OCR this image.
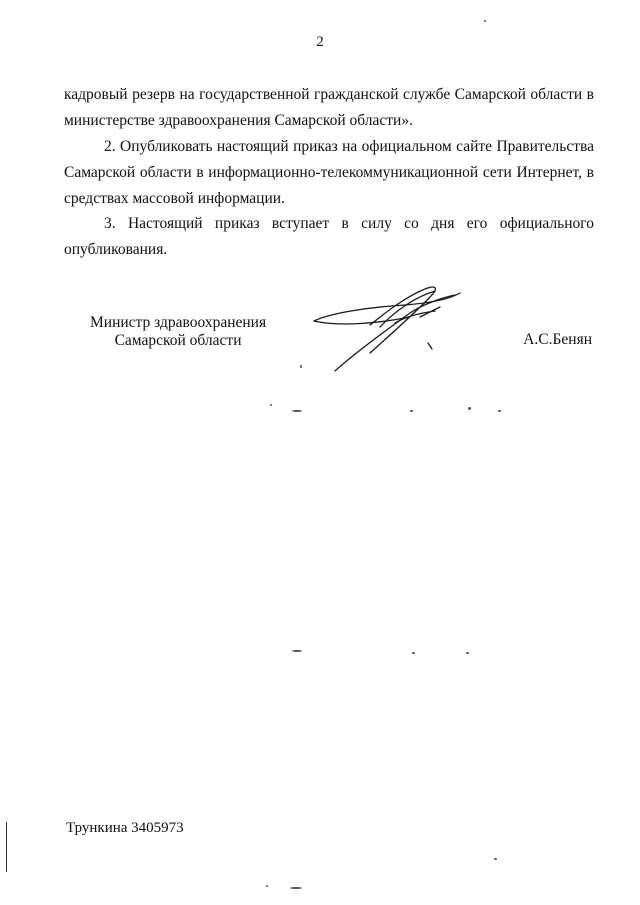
2

кадровый резерв на государственной гражданской службе Самарской области в министерстве здравоохранения Самарской области».

2. Опубликовать настоящий приказ на официальном сайте Правительства Самарской области в информационно-телекоммуникационной сети Интернет, в средствах массовой информации.

3. Настоящий приказ вступает в силу со дня его официального опубликования.

Министр здравоохранения
Самарской области	А.С.Бенян
Трункина 3405973
